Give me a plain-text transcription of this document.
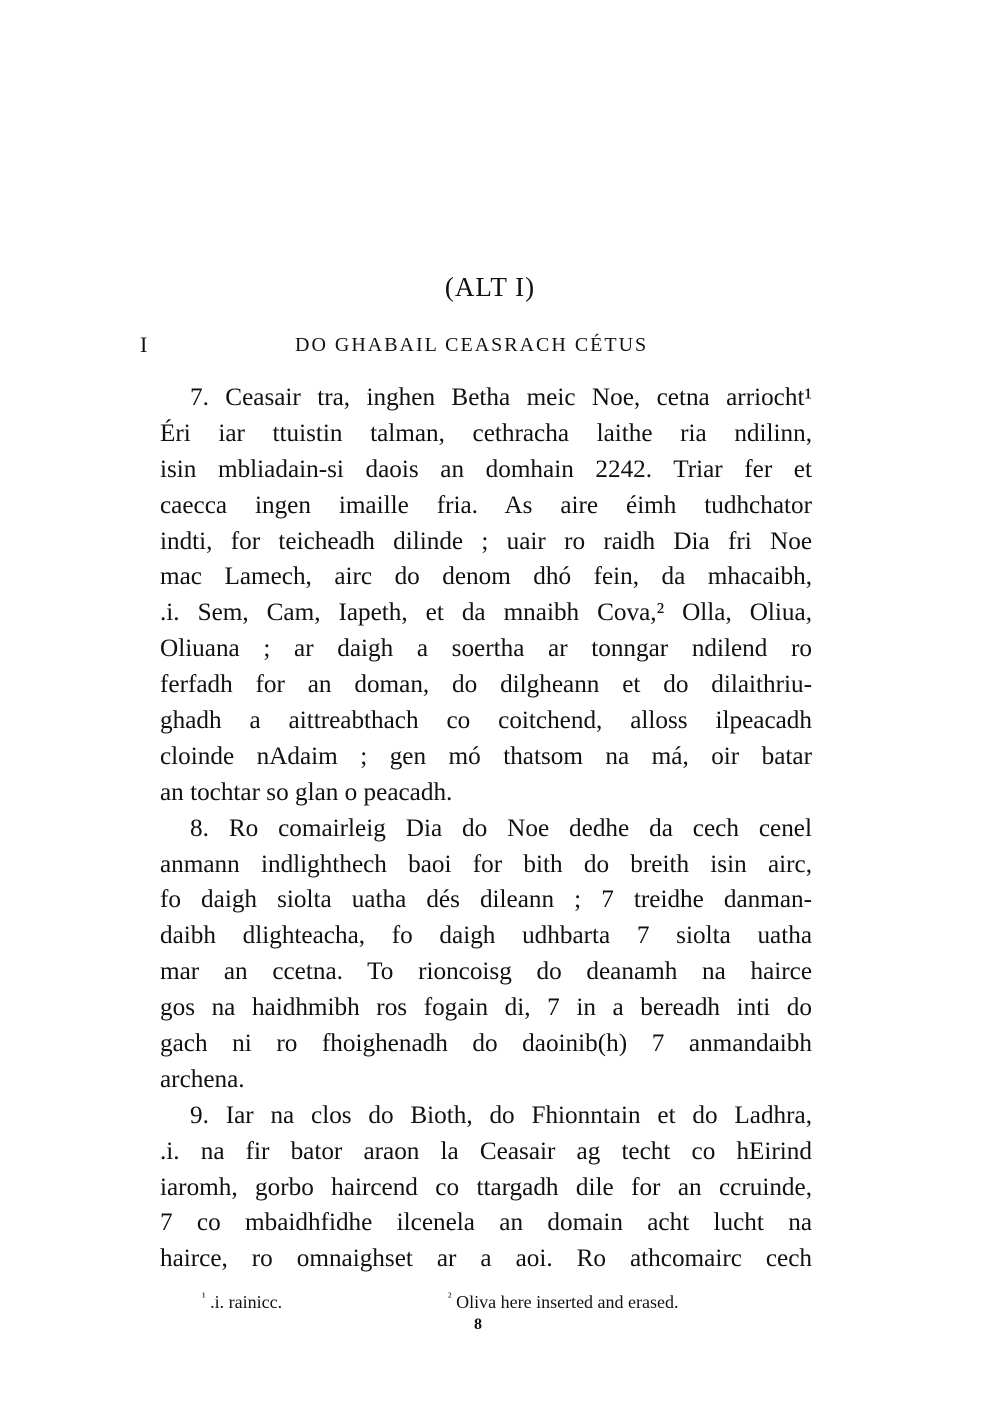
(ALT I)
I	DO GHABAIL CEASRACH CÉTUS
7. Ceasair tra, inghen Betha meic Noe, cetna arriocht¹
Éri iar ttuistin talman, cethracha laithe ria ndilinn,
isin mbliadain-si daois an domhain 2242. Triar fer et
caecca ingen imaille fria. As aire éimh tudhchator
indti, for teicheadh dilinde ; uair ro raidh Dia fri Noe
mac Lamech, airc do denom dhó fein, da mhacaibh,
.i. Sem, Cam, Iapeth, et da mnaibh Cova,² Olla, Oliua,
Oliuana ; ar daigh a soertha ar tonngar ndilend ro
ferfadh for an doman, do dilgheann et do dilaithriu-
ghadh a aittreabthach co coitchend, alloss ilpeacadh
cloinde nAdaim ; gen mó thatsom na má, oir batar
an tochtar so glan o peacadh.
8. Ro comairleig Dia do Noe dedhe da cech cenel
anmann indlighthech baoi for bith do breith isin airc,
fo daigh siolta uatha dés dileann ; 7 treidhe danman-
daibh dlighteacha, fo daigh udhbarta 7 siolta uatha
mar an ccetna. To rioncoisg do deanamh na hairce
gos na haidhmibh ros fogain di, 7 in a bereadh inti do
gach ni ro fhoighenadh do daoinib(h) 7 anmandaibh
archena.
9. Iar na clos do Bioth, do Fhionntain et do Ladhra,
.i. na fir bator araon la Ceasair ag techt co hEirind
iaromh, gorbo haircend co ttargadh dile for an ccruinde,
7 co mbaidhfidhe ilcenela an domain acht lucht na
hairce, ro omnaighset ar a aoi. Ro athcomairc cech
$^{^1}$ .i. rainicc.	$^{^2}$ Oliva here inserted and erased.
8
